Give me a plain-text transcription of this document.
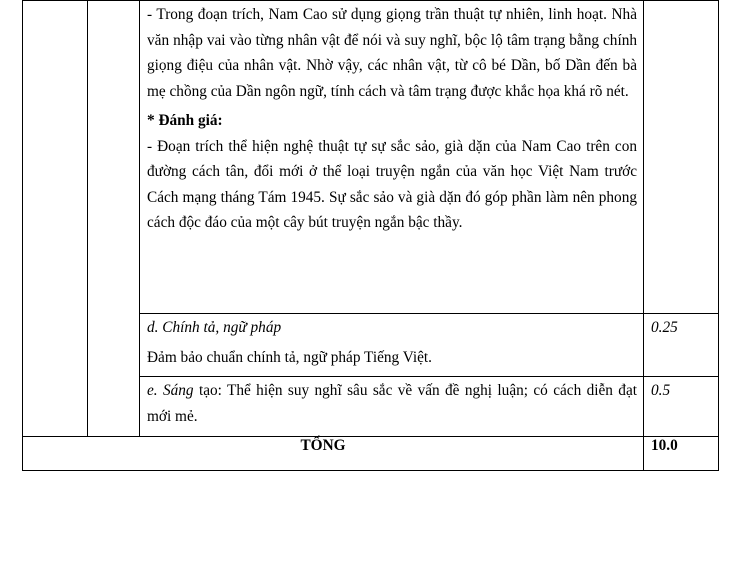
		- Trong đoạn trích, Nam Cao sử dụng giọng trần thuật tự nhiên, linh hoạt. Nhà văn nhập vai vào từng nhân vật để nói và suy nghĩ, bộc lộ tâm trạng bằng chính giọng điệu của nhân vật. Nhờ vậy, các nhân vật, từ cô bé Dần, bố Dần đến bà mẹ chồng của Dần ngôn ngữ, tính cách và tâm trạng được khắc họa khá rõ nét.

* Đánh giá:

- Đoạn trích thể hiện nghệ thuật tự sự sắc sảo, già dặn của Nam Cao trên con đường cách tân, đổi mới ở thể loại truyện ngắn của văn học Việt Nam trước Cách mạng tháng Tám 1945. Sự sắc sảo và già dặn đó góp phần làm nên phong cách độc đáo của một cây bút truyện ngắn bậc thầy.	

		d. Chính tả, ngữ pháp

Đảm bảo chuẩn chính tả, ngữ pháp Tiếng Việt.	0.25

		e. Sáng tạo: Thể hiện suy nghĩ sâu sắc về vấn đề nghị luận; có cách diễn đạt mới mẻ.	0.5
TỔNG			10.0
